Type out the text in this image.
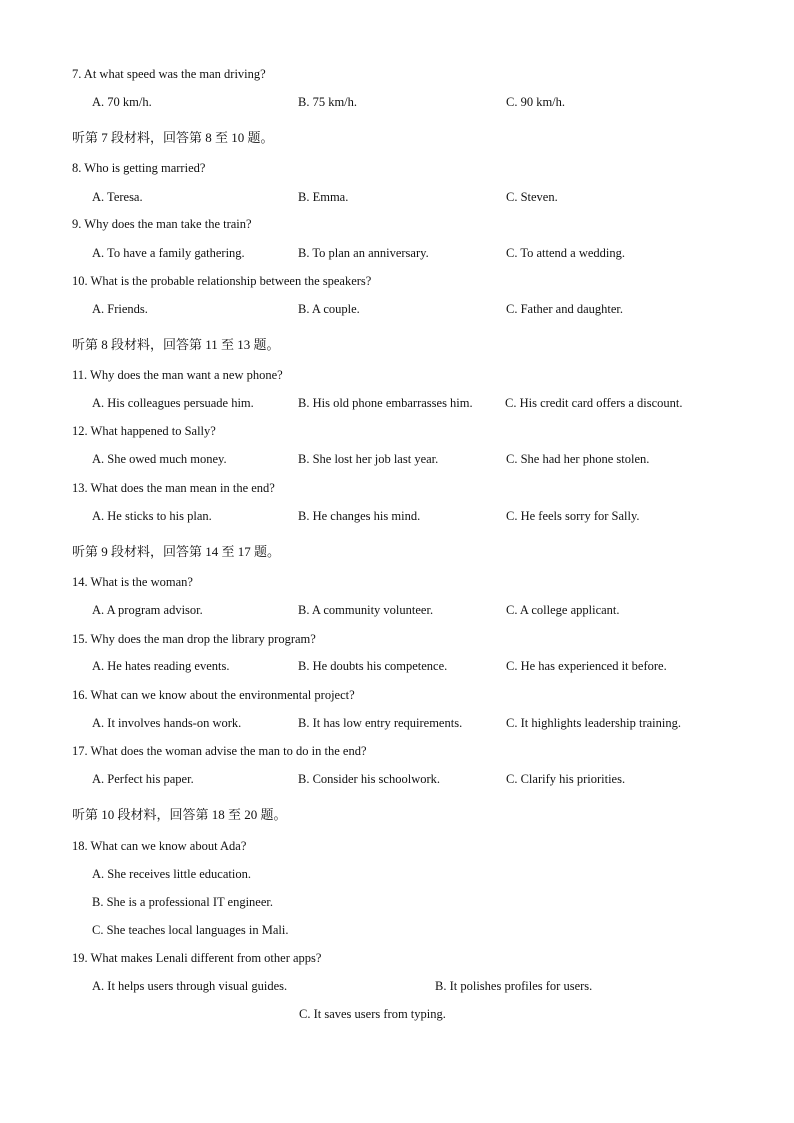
7. At what speed was the man driving?
A. 70 km/h.	B. 75 km/h.	C. 90 km/h.
听第 7 段材料，回答第 8 至 10 题。
8. Who is getting married?
A. Teresa.	B. Emma.	C. Steven.
9. Why does the man take the train?
A. To have a family gathering.	B. To plan an anniversary.	C. To attend a wedding.
10. What is the probable relationship between the speakers?
A. Friends.	B. A couple.	C. Father and daughter.
听第 8 段材料，回答第 11 至 13 题。
11. Why does the man want a new phone?
A. His colleagues persuade him.	B. His old phone embarrasses him.	C. His credit card offers a discount.
12. What happened to Sally?
A. She owed much money.	B. She lost her job last year.	C. She had her phone stolen.
13. What does the man mean in the end?
A. He sticks to his plan.	B. He changes his mind.	C. He feels sorry for Sally.
听第 9 段材料，回答第 14 至 17 题。
14. What is the woman?
A. A program advisor.	B. A community volunteer.	C. A college applicant.
15. Why does the man drop the library program?
A. He hates reading events.	B. He doubts his competence.	C. He has experienced it before.
16. What can we know about the environmental project?
A. It involves hands-on work.	B. It has low entry requirements.	C. It highlights leadership training.
17. What does the woman advise the man to do in the end?
A. Perfect his paper.	B. Consider his schoolwork.	C. Clarify his priorities.
听第 10 段材料，回答第 18 至 20 题。
18. What can we know about Ada?
A. She receives little education.
B. She is a professional IT engineer.
C. She teaches local languages in Mali.
19. What makes Lenali different from other apps?
A. It helps users through visual guides.	B. It polishes profiles for users.
C. It saves users from typing.
